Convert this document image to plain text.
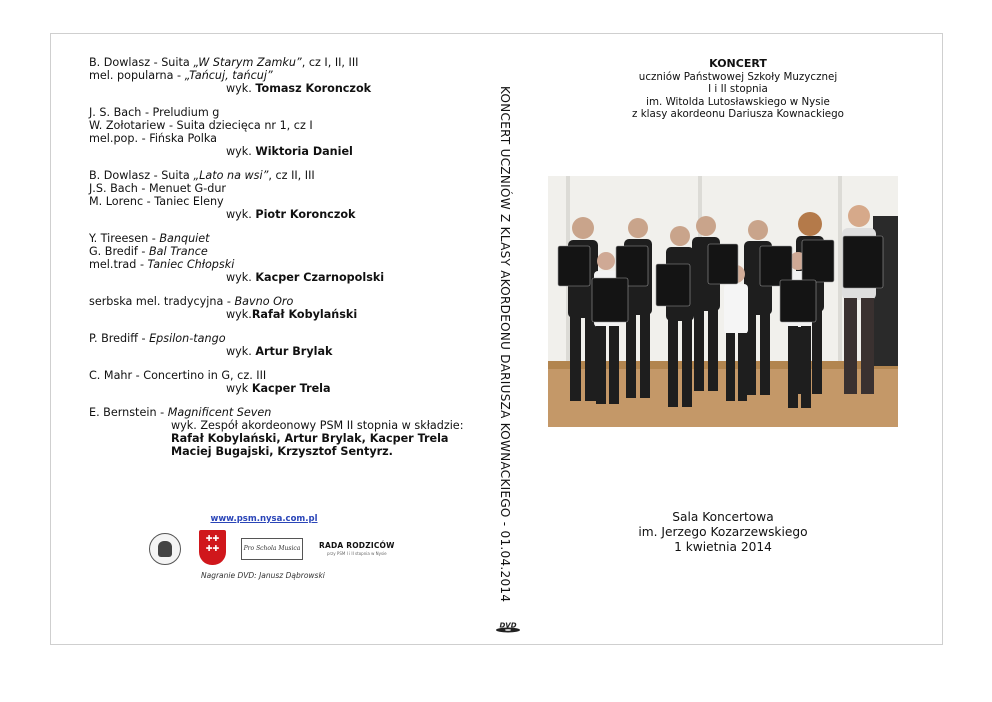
B. Dowlasz - Suita „W Starym Zamku”, cz I, II, III
mel. popularna - „Tańcuj, tańcuj”
wyk. Tomasz Koronczok
J. S. Bach - Preludium g
W. Zołotariew - Suita dziecięca nr 1, cz I
mel.pop. - Fińska Polka
wyk. Wiktoria Daniel
B. Dowlasz - Suita „Lato na wsi”, cz II, III
J.S. Bach - Menuet G-dur
M. Lorenc - Taniec Eleny
wyk. Piotr Koronczok
Y. Tireesen - Banquiet
G. Bredif - Bal Trance
mel.trad - Taniec Chłopski
wyk. Kacper Czarnopolski
serbska mel. tradycyjna - Bavno Oro
wyk.Rafał Kobylański
P. Brediff - Epsilon-tango
wyk. Artur Brylak
C. Mahr - Concertino in G, cz. III
wyk Kacper Trela
E. Bernstein - Magnificent Seven
wyk. Zespół akordeonowy PSM II stopnia w składzie:
Rafał Kobylański, Artur Brylak, Kacper Trela
Maciej Bugajski, Krzysztof Sentyrz.
www.psm.nysa.com.pl
✚✚
✚✚	Pro Schola Musica	RADA RODZICÓW
przy PSM I i II stopnia w Nysie
Nagranie DVD: Janusz Dąbrowski	KONCERT UCZNIÓW Z KLASY AKORDEONU DARIUSZA KOWNACKIEGO - 01.04.2014
DVD
KONCERT
uczniów Państwowej Szkoły Muzycznej
I i II stopnia
im. Witolda Lutosławskiego w Nysie
z klasy akordeonu Dariusza Kownackiego
Sala Koncertowa
im. Jerzego Kozarzewskiego
1 kwietnia 2014
